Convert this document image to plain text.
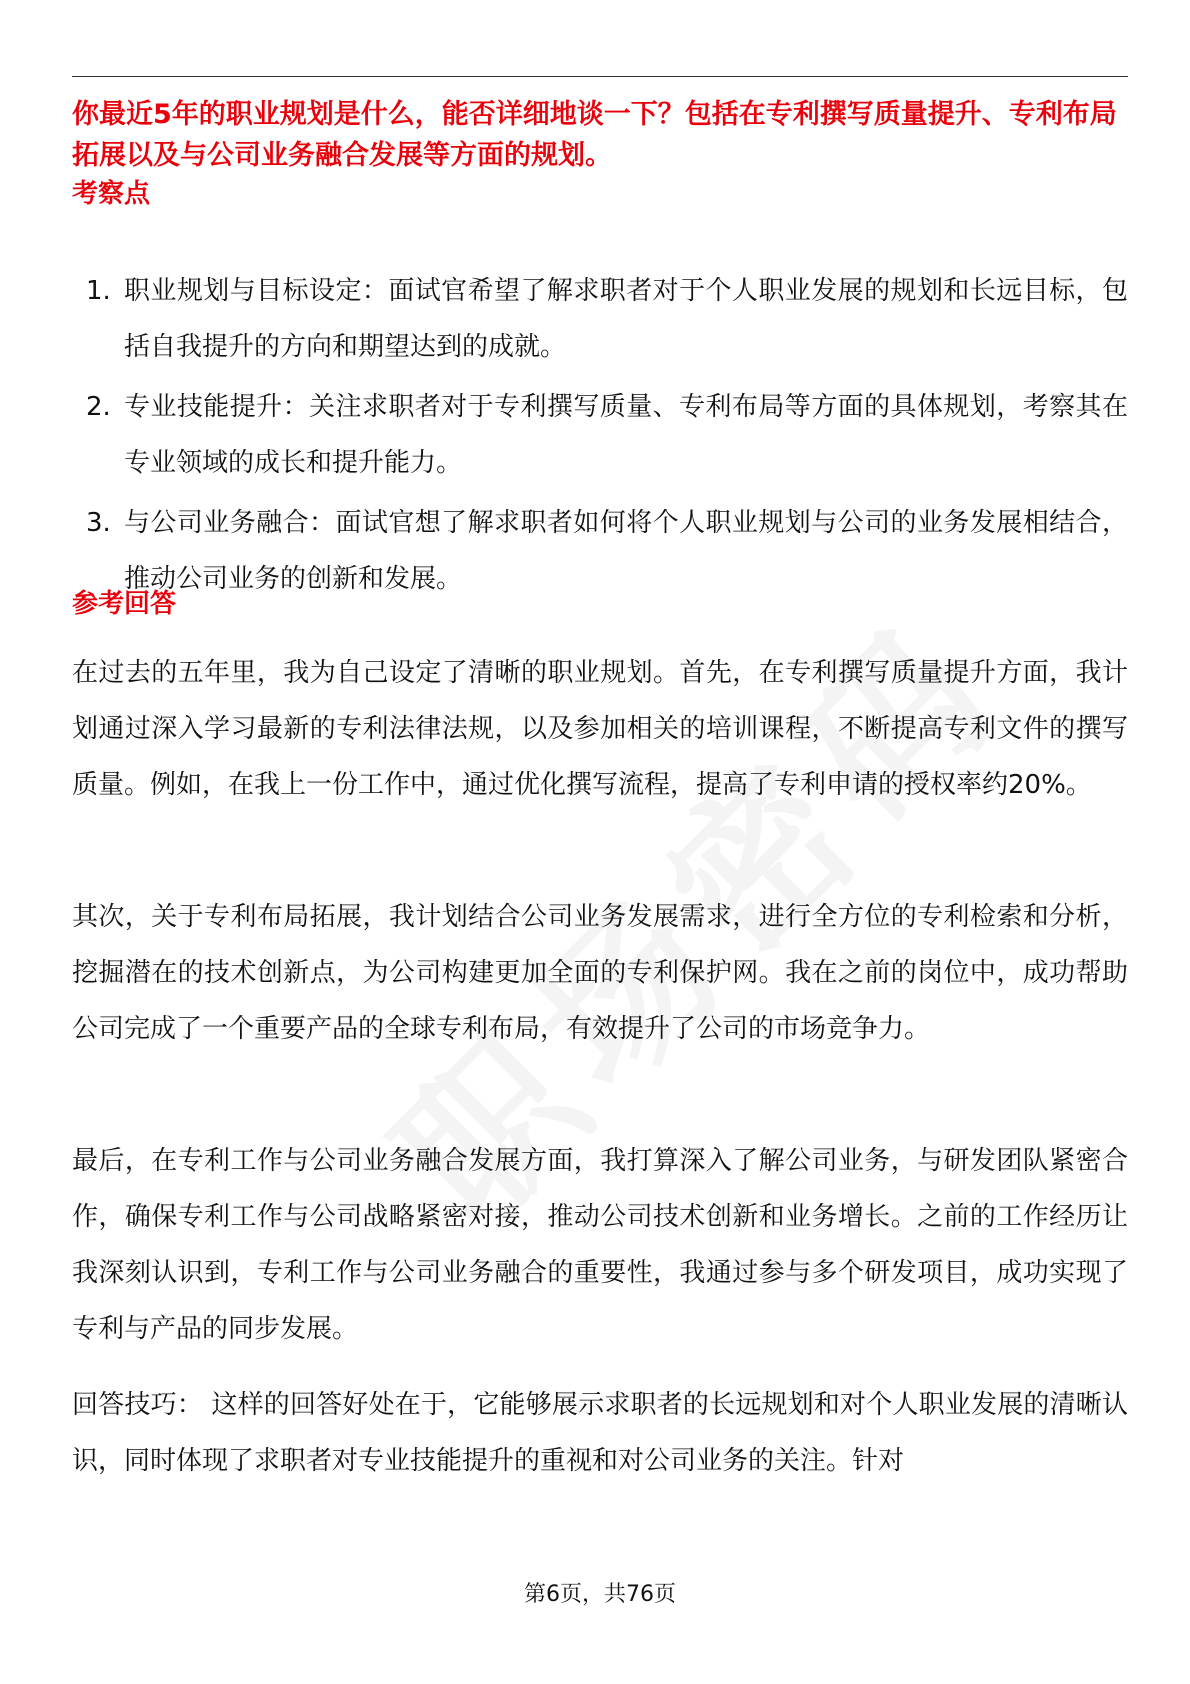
你最近5年的职业规划是什么，能否详细地谈一下？包括在专利撰写质量提升、专利布局拓展以及与公司业务融合发展等方面的规划。
考察点
1. 职业规划与目标设定：面试官希望了解求职者对于个人职业发展的规划和长远目标，包括自我提升的方向和期望达到的成就。
2. 专业技能提升：关注求职者对于专利撰写质量、专利布局等方面的具体规划，考察其在专业领域的成长和提升能力。
3. 与公司业务融合：面试官想了解求职者如何将个人职业规划与公司的业务发展相结合，推动公司业务的创新和发展。
参考回答

在过去的五年里，我为自己设定了清晰的职业规划。首先，在专利撰写质量提升方面，我计划通过深入学习最新的专利法律法规，以及参加相关的培训课程，不断提高专利文件的撰写质量。例如，在我上一份工作中，通过优化撰写流程，提高了专利申请的授权率约20%。

其次，关于专利布局拓展，我计划结合公司业务发展需求，进行全方位的专利检索和分析，挖掘潜在的技术创新点，为公司构建更加全面的专利保护网。我在之前的岗位中，成功帮助公司完成了一个重要产品的全球专利布局，有效提升了公司的市场竞争力。

最后，在专利工作与公司业务融合发展方面，我打算深入了解公司业务，与研发团队紧密合作，确保专利工作与公司战略紧密对接，推动公司技术创新和业务增长。之前的工作经历让我深刻认识到，专利工作与公司业务融合的重要性，我通过参与多个研发项目，成功实现了专利与产品的同步发展。

回答技巧： 这样的回答好处在于，它能够展示求职者的长远规划和对个人职业发展的清晰认识，同时体现了求职者对专业技能提升的重视和对公司业务的关注。针对

第6页，共76页
